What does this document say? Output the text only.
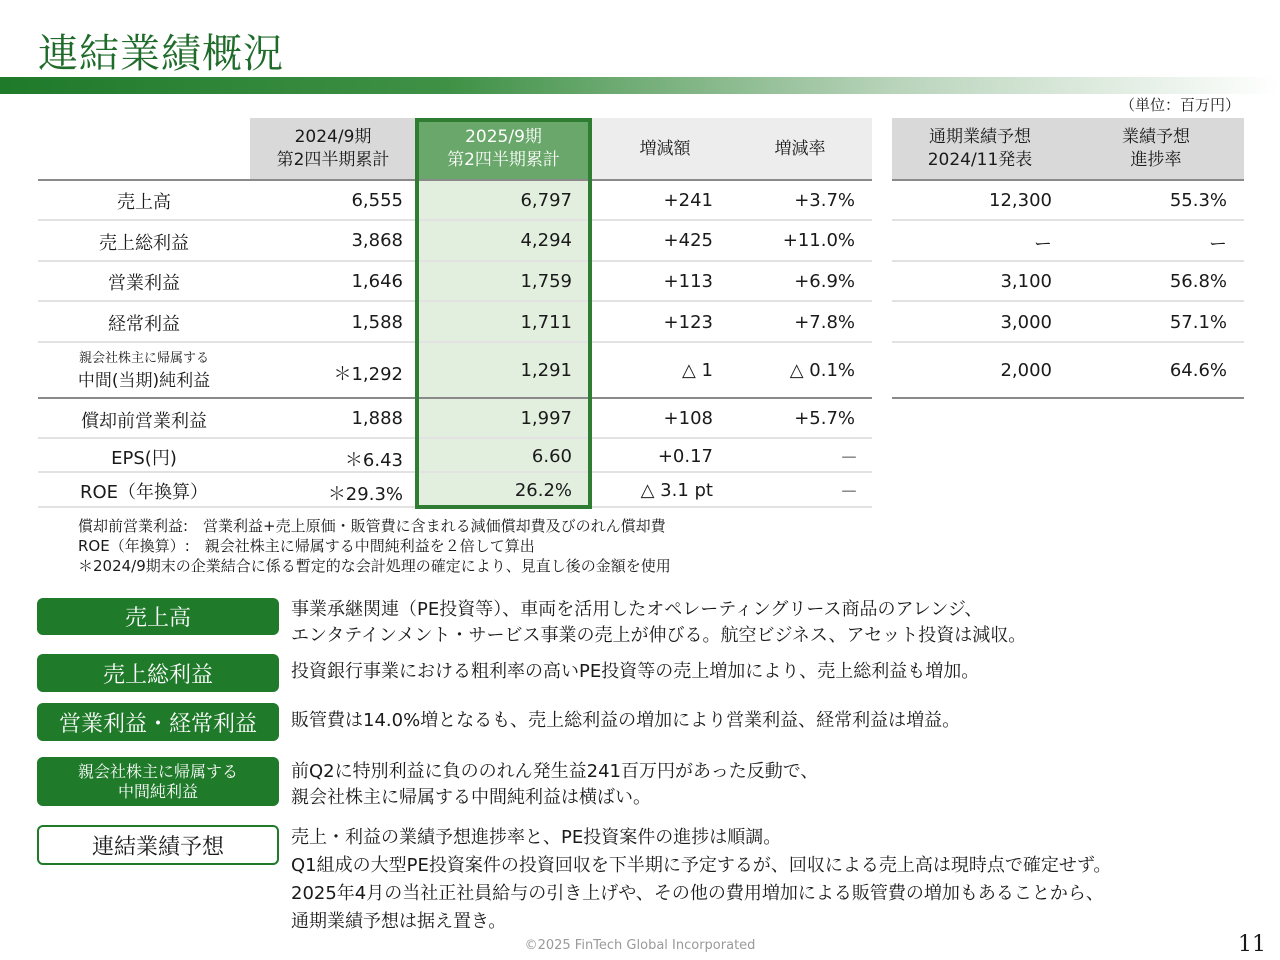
連結業績概況
（単位：百万円）
2024/9期
第2四半期累計
2025/9期
第2四半期累計
増減額	増減率
通期業績予想
2024/11発表
業績予想
進捗率
売上高	6,555	6,797	+241	+3.7%	12,300	55.3%
売上総利益	3,868	4,294	+425	+11.0%	ー	ー
営業利益	1,646	1,759	+113	+6.9%	3,100	56.8%
経常利益	1,588	1,711	+123	+7.8%	3,000	57.1%
親会社株主に帰属する
中間(当期)純利益	＊1,292	1,291	△ 1	△ 0.1%	2,000	64.6%
償却前営業利益	1,888	1,997	+108	+5.7%
EPS(円)	＊6.43	6.60	+0.17	－
ROE（年換算）	＊29.3%	26.2%	△ 3.1 pt	－
償却前営業利益:　営業利益+売上原価・販管費に含まれる減価償却費及びのれん償却費
ROE（年換算）:　親会社株主に帰属する中間純利益を２倍して算出
＊2024/9期末の企業結合に係る暫定的な会計処理の確定により、見直し後の金額を使用
売上高	事業承継関連（PE投資等）、車両を活用したオペレーティングリース商品のアレンジ、
エンタテインメント・サービス事業の売上が伸びる。航空ビジネス、アセット投資は減収。
売上総利益	投資銀行事業における粗利率の高いPE投資等の売上増加により、売上総利益も増加。
営業利益・経常利益	販管費は14.0%増となるも、売上総利益の増加により営業利益、経常利益は増益。
親会社株主に帰属する
中間純利益
前Q2に特別利益に負ののれん発生益241百万円があった反動で、
親会社株主に帰属する中間純利益は横ばい。
連結業績予想	売上・利益の業績予想進捗率と、PE投資案件の進捗は順調。
Q1組成の大型PE投資案件の投資回収を下半期に予定するが、回収による売上高は現時点で確定せず。
2025年4月の当社正社員給与の引き上げや、その他の費用増加による販管費の増加もあることから、
通期業績予想は据え置き。
©2025 FinTech Global Incorporated	11
